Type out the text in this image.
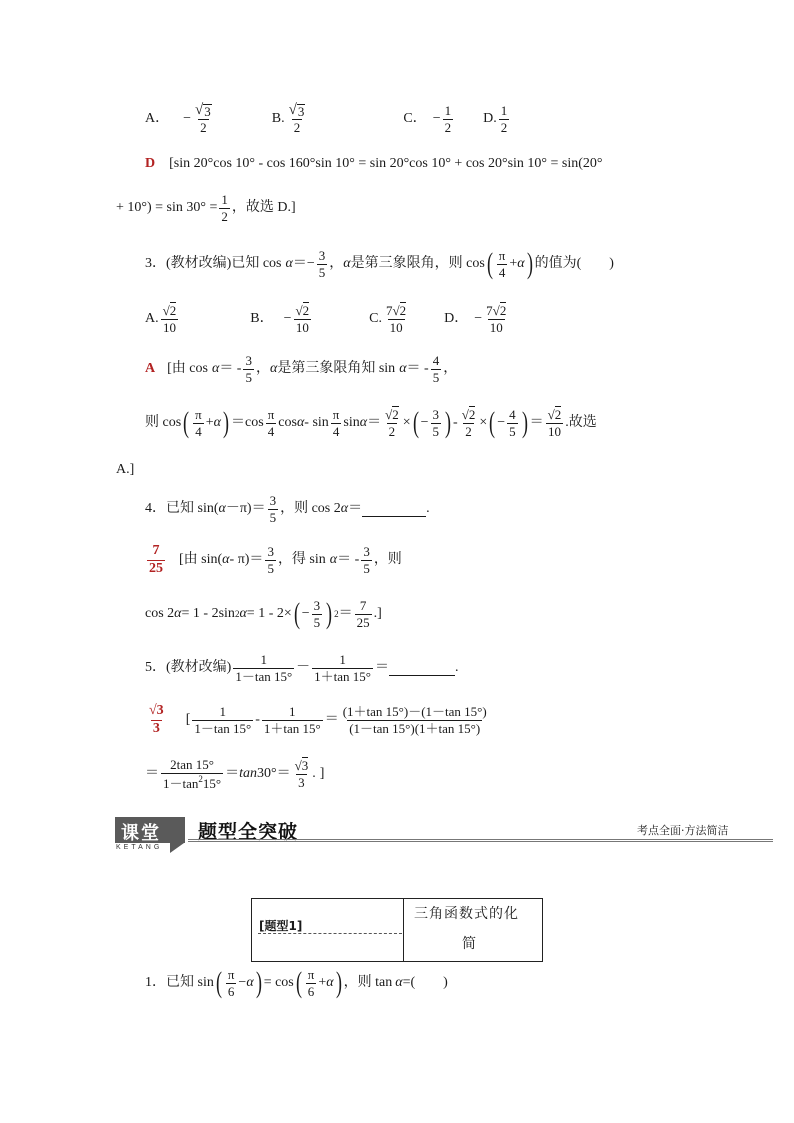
A． − $\frac{√ 3}{2}$	B. $\frac{√ 3}{2}$	C． − $\frac{1}{2} D$. $\frac{1}{2}$
D [sin 20°cos 10° - cos 160°sin 10° = sin 20°cos 10° + cos 20°sin 10° = sin(20°
+ $10^\circ) = \sin 30^\circ = \frac{1}{2}$ ，故选 D.]
3．(教材改编)已知 $\cos \alpha =- \frac{3}{5}$ ， α 是第三象限角，则 cos ( $\frac{\pi}{4} + \alpha$ ) 的值为(　　)
A. $\frac{√2}{10}$	B． − $\frac{√2}{10}$	C. $\frac{7√2}{10}$	D． − $\frac{7√2}{10}$
A [由 cos α ＝ - $\frac{3}{5}$ ， α 是第三象限角知 sin α ＝ - $\frac{4}{5}$ ，
则 cos ( $\frac{\pi}{4} + \alpha$ ) $=\cos \frac{\pi}{4}$ cos α - $\sin \frac{\pi}{4}$ $\sin \alpha = \frac{√2}{2}$ × ( − $\frac{3}{5}$ ) - $\frac{√2}{2}$ × ( − $\frac{4}{5}$ ) ＝ $\frac{√2}{10}$ . 故选
A.]
4．已知 sin( $\alpha -\pi)= \frac{3}{5}$ ，则 cos 2 α ＝	.
$\frac{7}{25}$ [由 sin( $\alpha - \pi)= \frac{3}{5}$ ，得 sin α ＝ - $\frac{3}{5}$ ，则
cos 2 α = 1 - 2sin 2 α = 1 - 2× ( − $\frac{3}{5}$ ) $2 = \frac{7}{25}$ . ]
5．(教材改编) $\frac{1}{1-\tan 15^\circ} - \frac{1}{1+\tan 15^\circ}$ ＝	.
$\frac{√3}{3}$ [ $\frac{1}{1-\tan 15^\circ} - \frac{1}{1+\tan 15^\circ} = \frac{(1+\tan 15^\circ)-(1-\tan 15^\circ)}{(1-\tan 15^\circ)(1+\tan 15^\circ)}$
＝ $\frac{2\tan 15^\circ}{1-\tan^215^\circ} = \tan 30^\circ= \frac{√3}{3}$ . ]
课堂
KETANG
题型全突破	考点全面·方法简洁
[题型1]
三角函数式的化
简
1．已知 sin ( $\frac{\pi}{6} - \alpha$ ) = cos ( $\frac{\pi}{6} + \alpha$ ) ，则 tan α =(　　)
